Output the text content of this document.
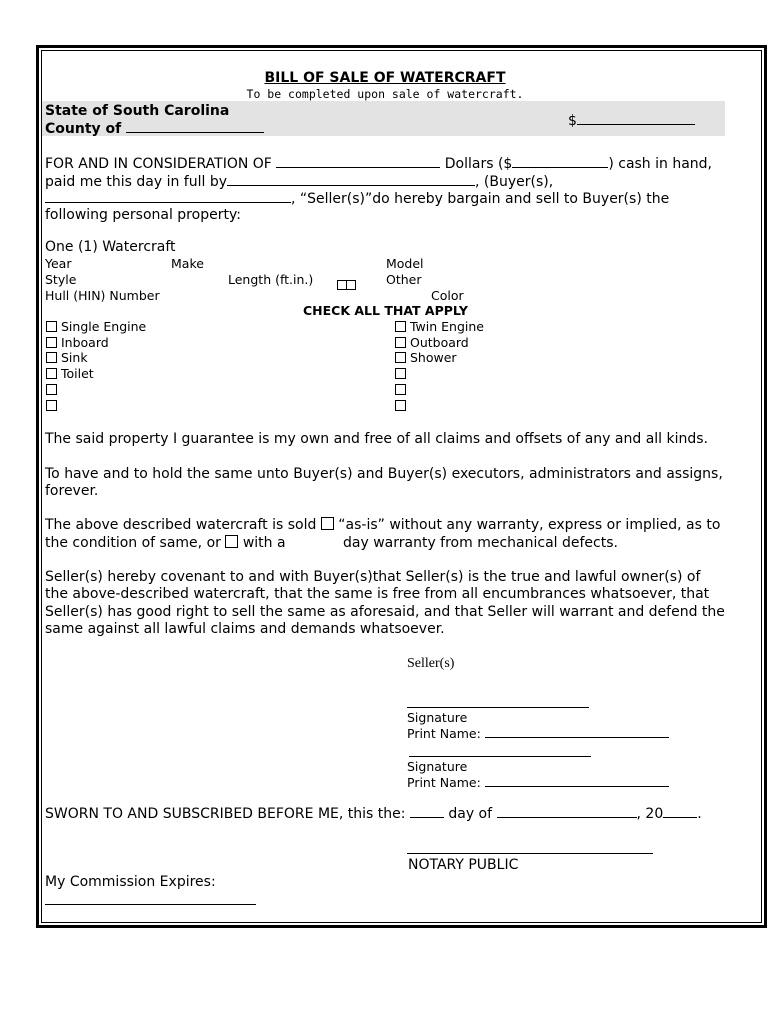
BILL OF SALE OF WATERCRAFT
To be completed upon sale of watercraft.
State of South Carolina
County of	$
FOR AND IN CONSIDERATION OF	Dollars ($	) cash in hand,
paid me this day in full by	, (Buyer(s),
, “Seller(s)”do hereby bargain and sell to Buyer(s) the
following personal property:
One (1) Watercraft
Year	Make	Model
Style	Length (ft.in.)	Other
Hull (HIN) Number	Color
CHECK ALL THAT APPLY
Single Engine
Inboard
Sink
Toilet
Twin Engine
Outboard
Shower
The said property I guarantee is my own and free of all claims and offsets of any and all kinds.
To have and to hold the same unto Buyer(s) and Buyer(s) executors, administrators and assigns,
forever.
The above described watercraft is sold “as-is” without any warranty, express or implied, as to
the condition of same, or with a	day warranty from mechanical defects.
Seller(s) hereby covenant to and with Buyer(s)that Seller(s) is the true and lawful owner(s) of
the above-described watercraft, that the same is free from all encumbrances whatsoever, that
Seller(s) has good right to sell the same as aforesaid, and that Seller will warrant and defend the
same against all lawful claims and demands whatsoever.
Seller(s)
Signature
Print Name:
Signature
Print Name:
SWORN TO AND SUBSCRIBED BEFORE ME, this the:	day of	, 20 .
NOTARY PUBLIC
My Commission Expires:
